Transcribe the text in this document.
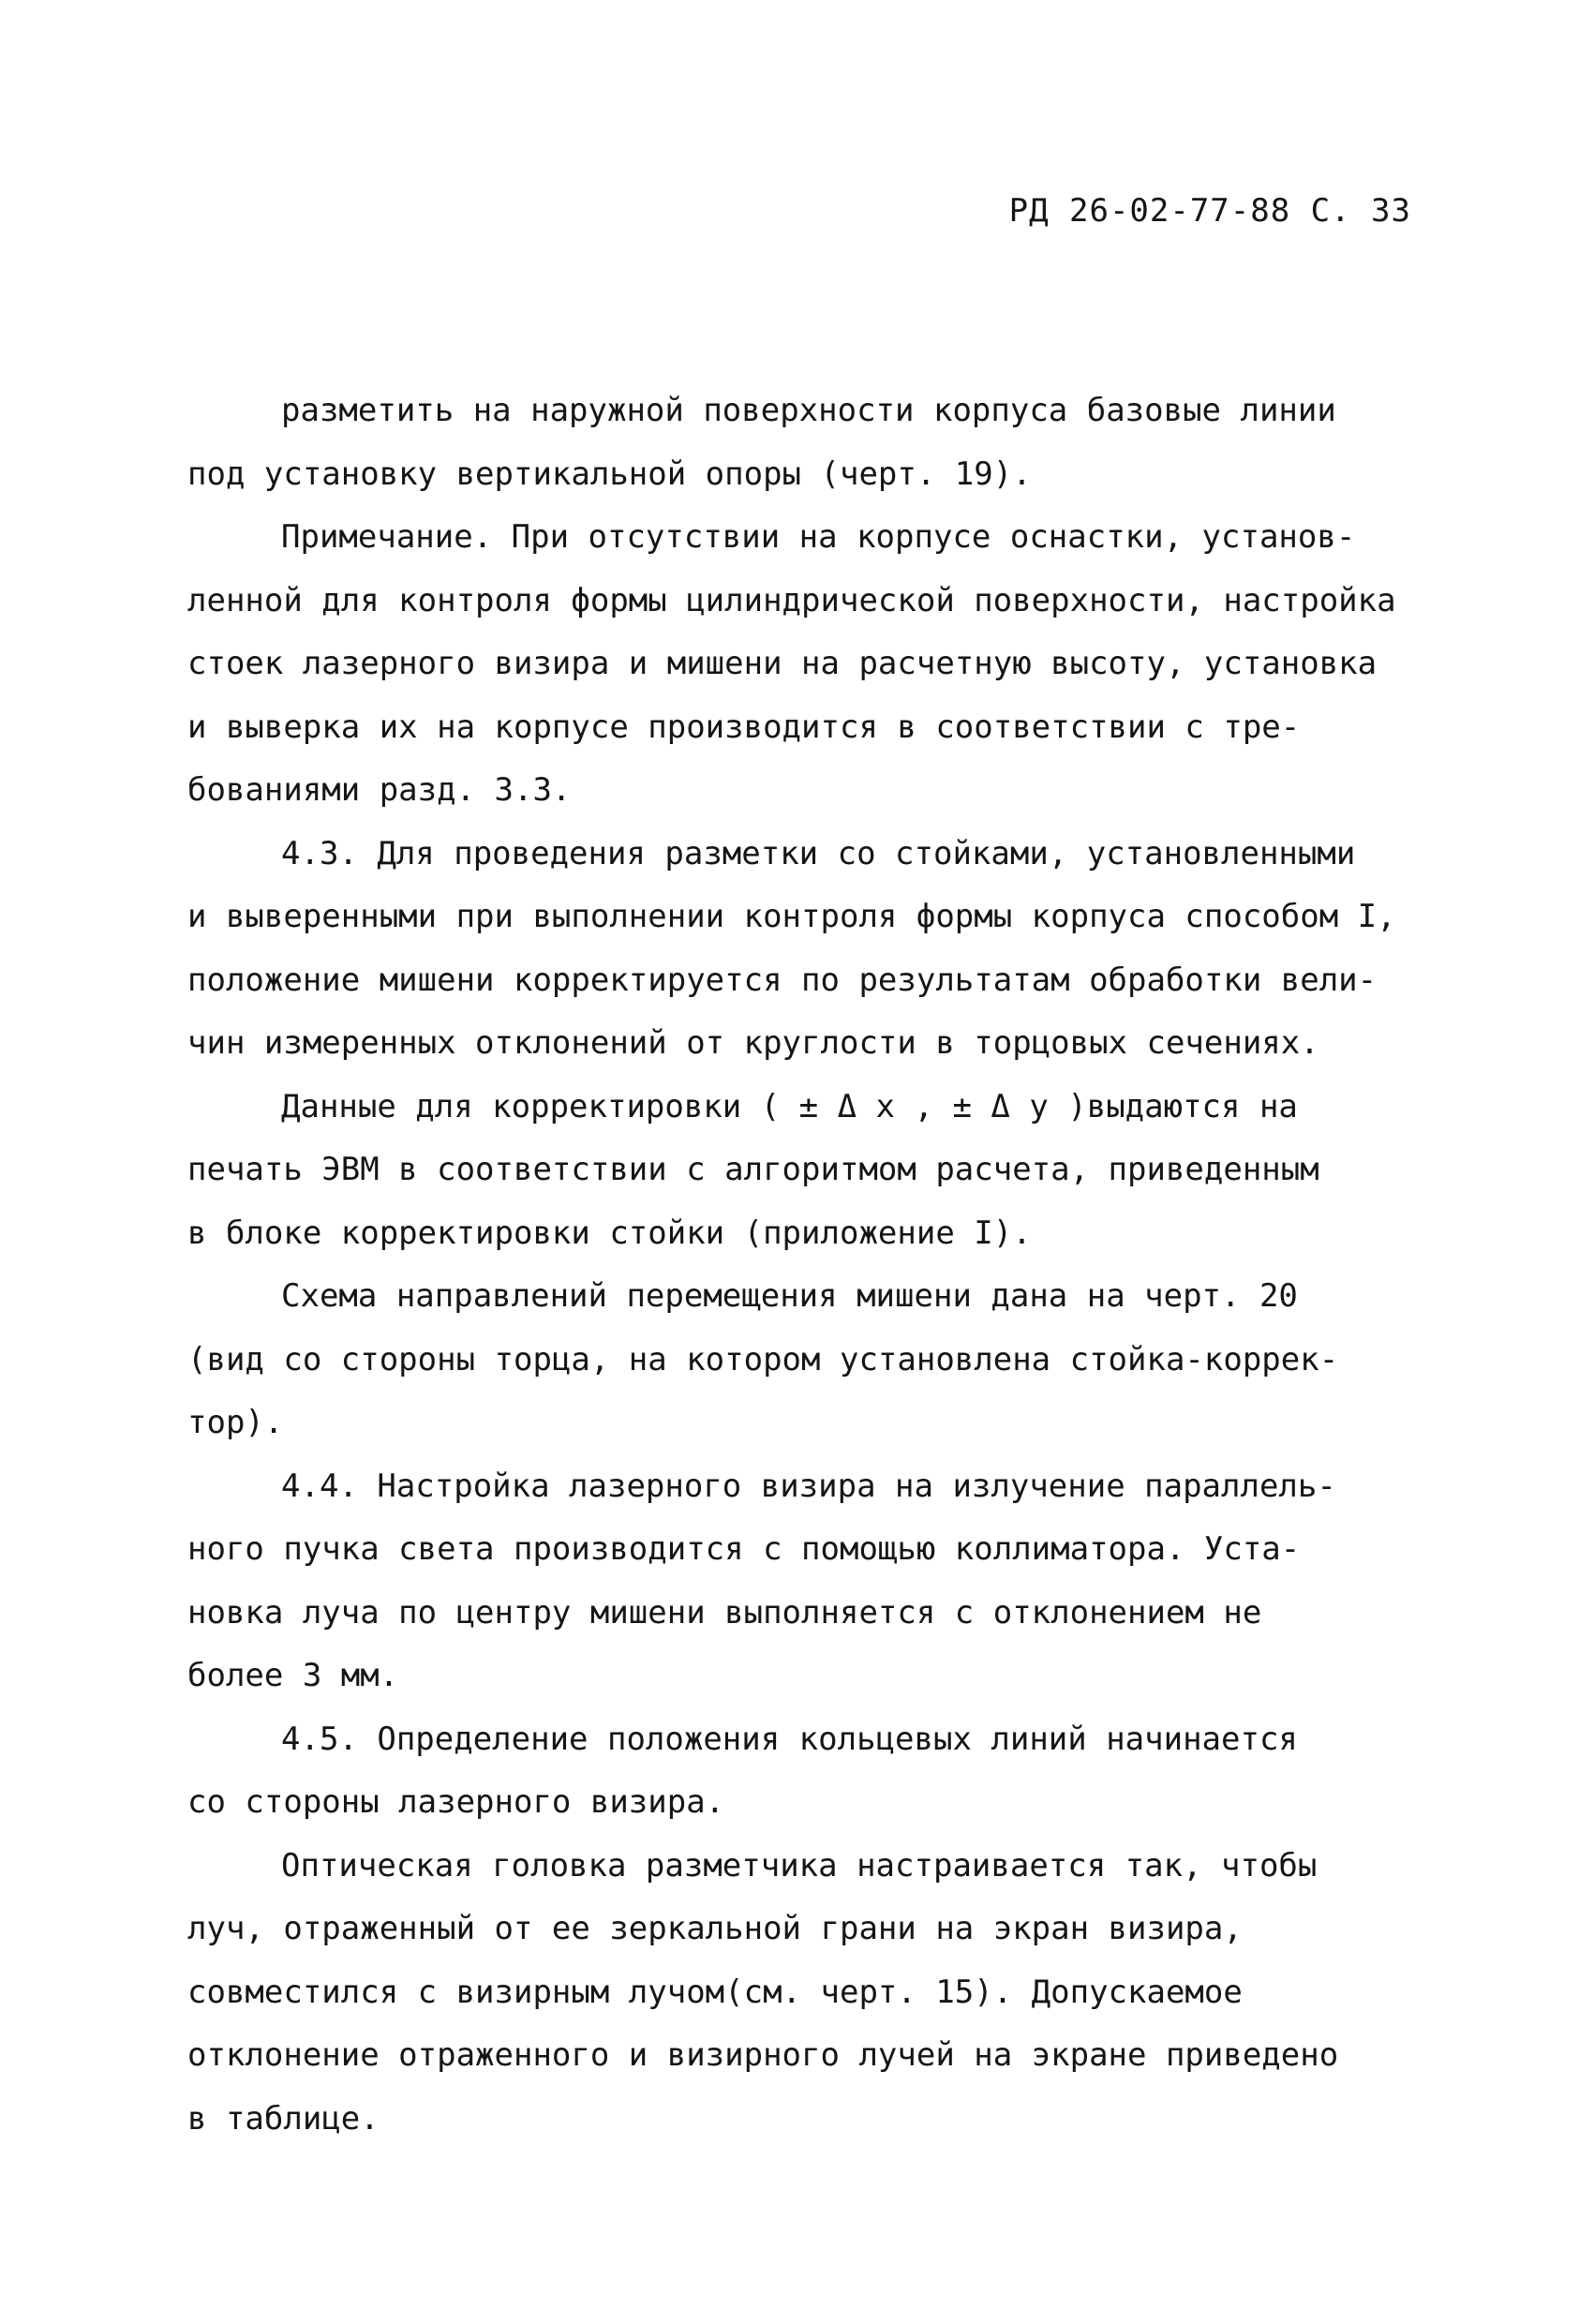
РД 26-02-77-88 С. 33
разметить на наружной поверхности корпуса базовые линии
под установку вертикальной опоры (черт. 19).
Примечание. При отсутствии на корпусе оснастки, установ-
ленной для контроля формы цилиндрической поверхности, настройка
стоек лазерного визира и мишени на расчетную высоту, установка
и выверка их на корпусе производится в соответствии с тре-
бованиями разд. 3.3.
4.3. Для проведения разметки со стойками, установленными
и выверенными при выполнении контроля формы корпуса способом I,
положение мишени корректируется по результатам обработки вели-
чин измеренных отклонений от круглости в торцовых сечениях.
Данные для корректировки ( ± Δ x , ± Δ y )выдаются на
печать ЭВМ в соответствии с алгоритмом расчета, приведенным
в блоке корректировки стойки (приложение I).
Схема направлений перемещения мишени дана на черт. 20
(вид со стороны торца, на котором установлена стойка-коррек-
тор).
4.4. Настройка лазерного визира на излучение параллель-
ного пучка света производится с помощью коллиматора. Уста-
новка луча по центру мишени выполняется с отклонением не
более 3 мм.
4.5. Определение положения кольцевых линий начинается
со стороны лазерного визира.
Оптическая головка разметчика настраивается так, чтобы
луч, отраженный от ее зеркальной грани на экран визира,
совместился с визирным лучом(см. черт. 15). Допускаемое
отклонение отраженного и визирного лучей на экране приведено
в таблице.
